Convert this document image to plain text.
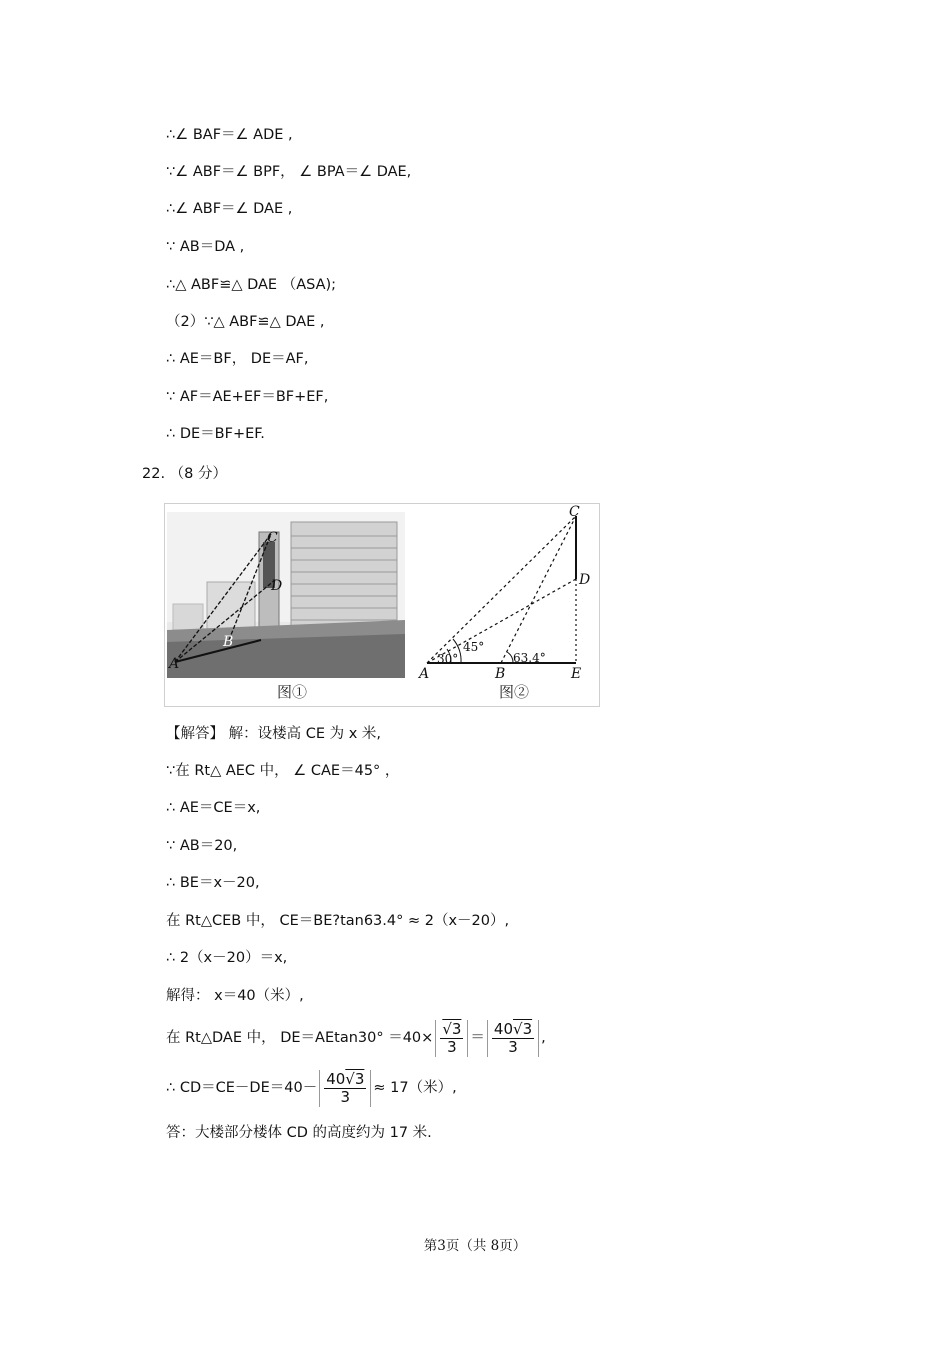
∴∠ BAF＝∠ ADE ,
∵∠ ABF＝∠ BPF， ∠ BPA＝∠ DAE,
∴∠ ABF＝∠ DAE ,
∵ AB＝DA ,
∴△ ABF≌△ DAE （ASA);
（2）∵△ ABF≌△ DAE ,
∴ AE＝BF， DE＝AF,
∵ AF＝AE+EF＝BF+EF,
∴ DE＝BF+EF.
22. （8 分）
C
D
B
A
图①
C
D
A	B	E
30°
45°
63.4°
图②
【解答】 解：设楼高 CE 为 x 米,
∵在 Rt△ AEC 中， ∠ CAE＝45° ，
∴ AE＝CE＝x,
∵ AB＝20,
∴ BE＝x－20,
在 Rt△CEB 中， CE＝BE?tan63.4° ≈ 2（x－20）,
∴ 2（x－20）＝x,
解得： x＝40（米）,
在 Rt△DAE 中， $DE=AEtan30^\circ =40\times \frac{√3}{3} = \frac{40√3}{3}$ ,
∴ $CD=CE-DE=40- \frac{40√3}{3} \approx 17$（米）,
答：大楼部分楼体 CD 的高度约为 17 米.
第3页（共 8页）
